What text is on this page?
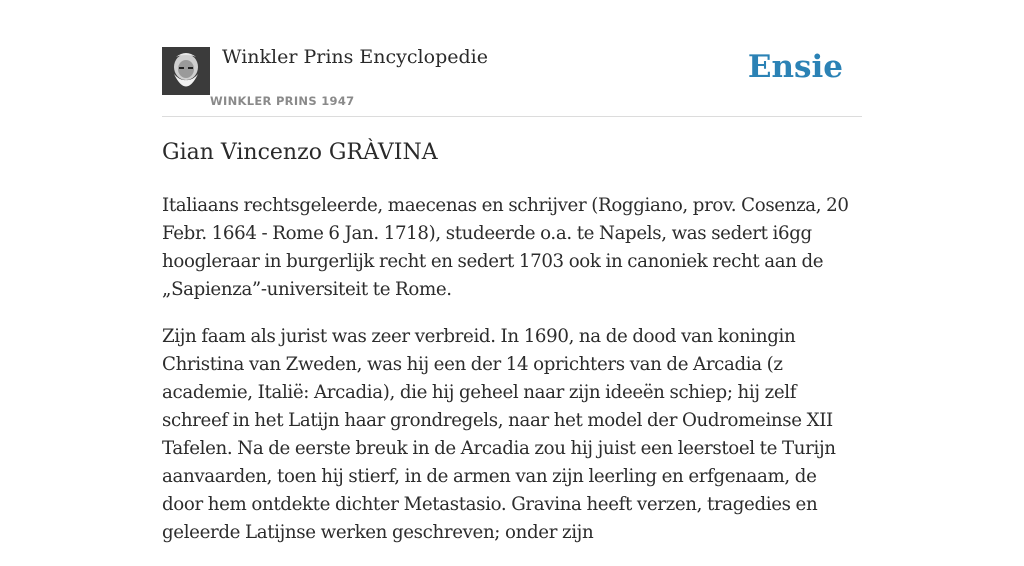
Winkler Prins Encyclopedie
WINKLER PRINS 1947
Ensie
Gian Vincenzo GRÀVINA

Italiaans rechtsgeleerde, maecenas en schrijver (Roggiano, prov. Cosenza, 20 Febr. 1664 - Rome 6 Jan. 1718), studeerde o.a. te Napels, was sedert i6gg hoogleraar in burgerlijk recht en sedert 1703 ook in canoniek recht aan de „Sapienza”-universiteit te Rome.

Zijn faam als jurist was zeer verbreid. In 1690, na de dood van koningin Christina van Zweden, was hij een der 14 oprichters van de Arcadia (z academie, Italië: Arcadia), die hij geheel naar zijn ideeën schiep; hij zelf schreef in het Latijn haar grondregels, naar het model der Oudromeinse XII Tafelen. Na de eerste breuk in de Arcadia zou hij juist een leerstoel te Turijn aanvaarden, toen hij stierf, in de armen van zijn leerling en erfgenaam, de door hem ontdekte dichter Metastasio. Gravina heeft verzen, tragedies en geleerde Latijnse werken geschreven; onder zijn
